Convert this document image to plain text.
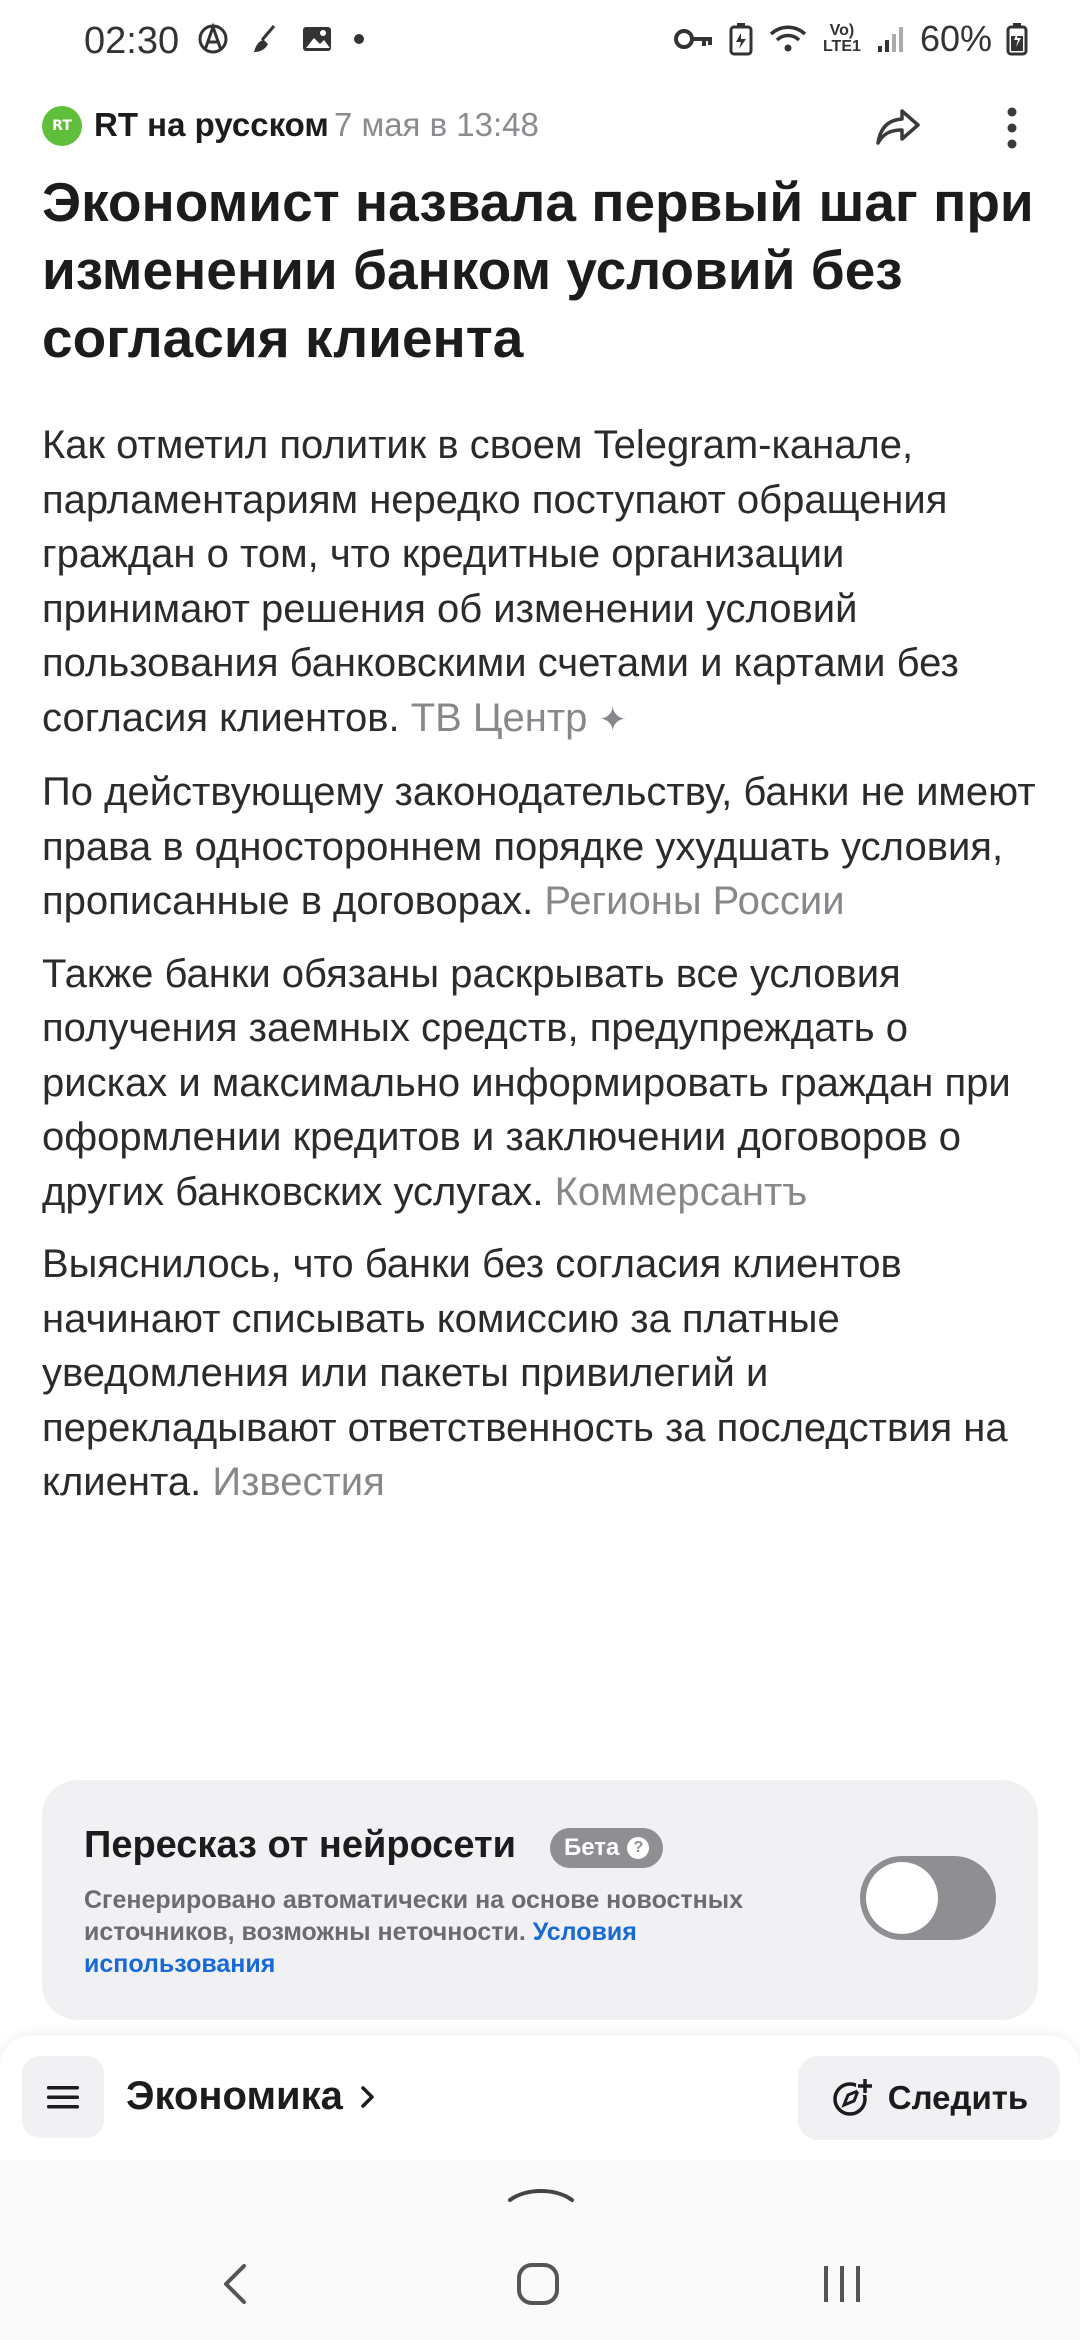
02:30	Vo) LTE1 60%
RT RT на русском 7 мая в 13:48
Экономист назвала первый шаг при изменении банком условий без согласия клиента

Как отметил политик в своем Telegram-канале, парламентариям нередко поступают обращения граждан о том, что кредитные организации принимают решения об изменении условий пользования банковскими счетами и картами без согласия клиентов. ТВ Центр ✦

По действующему законодательству, банки не имеют права в одностороннем порядке ухудшать условия, прописанные в договорах. Регионы России

Также банки обязаны раскрывать все условия получения заемных средств, предупреждать о рисках и максимально информировать граждан при оформлении кредитов и заключении договоров о других банковских услугах. Коммерсантъ

Выяснилось, что банки без согласия клиентов начинают списывать комиссию за платные уведомления или пакеты привилегий и перекладывают ответственность за последствия на клиента. Известия

Пересказ от нейросети Бета ?

Сгенерировано автоматически на основе новостных источников, возможны неточности. Условия использования

Экономика	Следить
